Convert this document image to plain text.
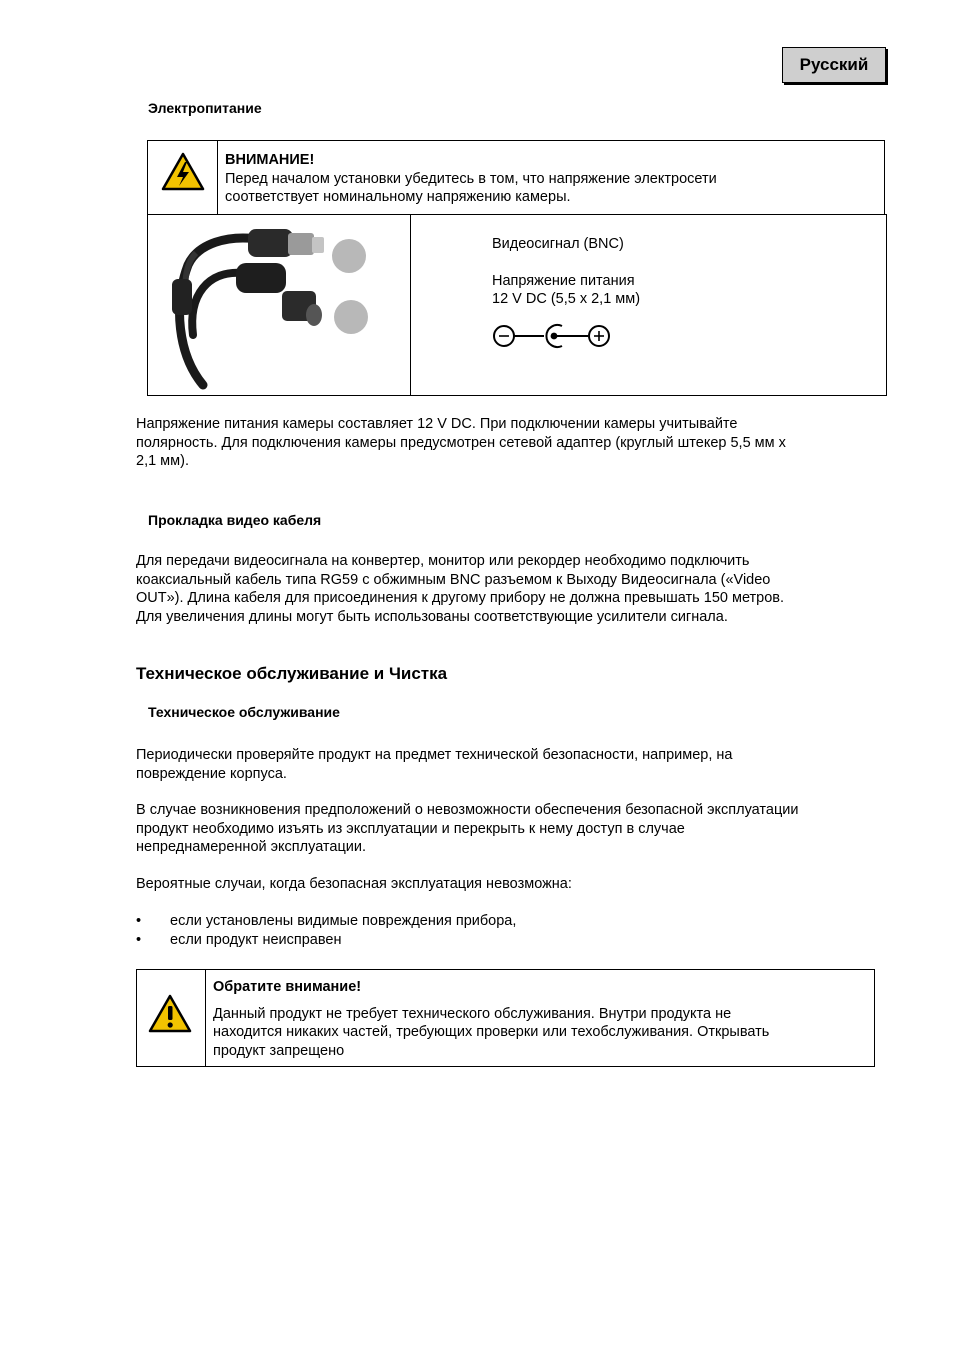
Русский
Электропитание
ВНИМАНИЕ!
Перед началом установки убедитесь в том, что напряжение электросети
соответствует номинальному напряжению камеры.
Видеосигнал (BNC)
Напряжение питания
12 V DC (5,5 x 2,1 мм)
Напряжение питания камеры составляет 12 V DC. При подключении камеры учитывайте
полярность. Для подключения камеры предусмотрен сетевой адаптер (круглый штекер 5,5 мм x
2,1 мм).
Прокладка видео кабеля
Для передачи видеосигнала на конвертер, монитор или рекордер необходимо подключить
коаксиальный кабель типа RG59 с обжимным BNC разъемом к Выходу Видеосигнала («Video
OUT»). Длина кабеля для присоединения к другому прибору не должна превышать 150 метров.
Для увеличения длины могут быть использованы соответствующие усилители сигнала.
Техническое обслуживание и Чистка
Техническое обслуживание
Периодически проверяйте продукт на предмет технической безопасности, например, на
повреждение корпуса.
В случае возникновения предположений о невозможности обеспечения безопасной эксплуатации
продукт необходимо изъять из эксплуатации и перекрыть к нему доступ в случае
непреднамеренной эксплуатации.
Вероятные случаи, когда безопасная эксплуатация невозможна:
•	если установлены видимые повреждения прибора,
•	если продукт неисправен
Обратите внимание!
Данный продукт не требует технического обслуживания. Внутри продукта не
находится никаких частей, требующих проверки или техобслуживания. Открывать
продукт запрещено
